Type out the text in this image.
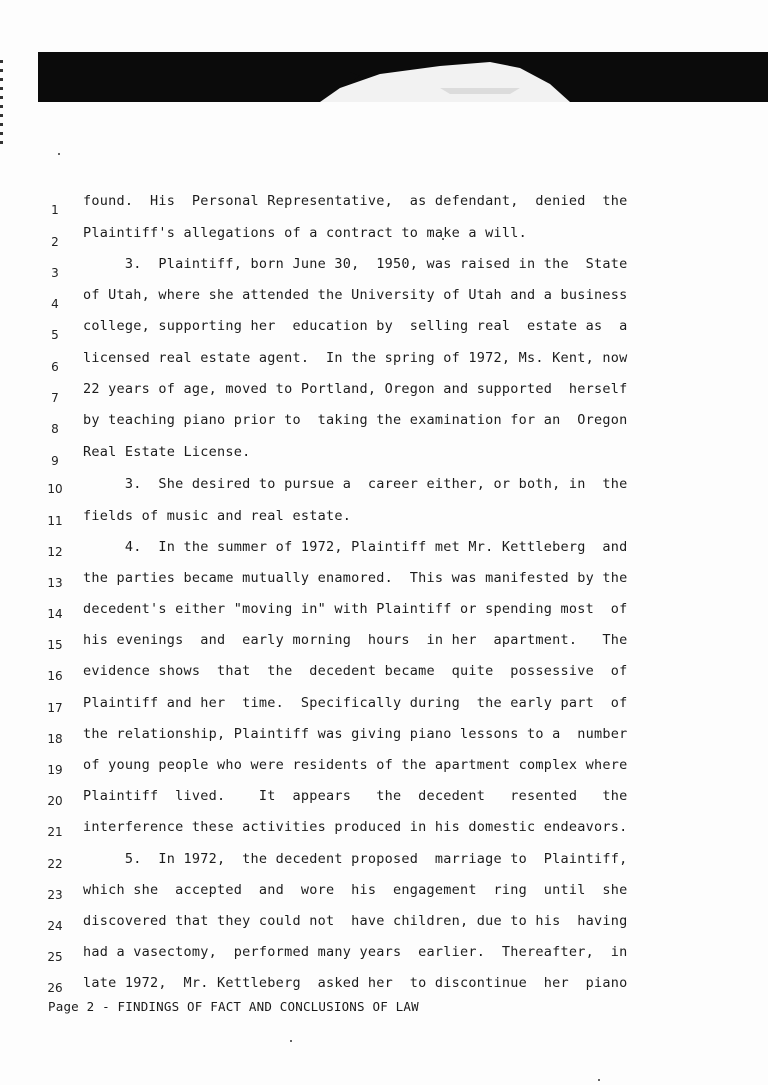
1
found.  His  Personal Representative,  as defendant,  denied  the
2
Plaintiff's allegations of a contract to make a will.
3
3.  Plaintiff, born June 30,  1950, was raised in the  State
4
of Utah, where she attended the University of Utah and a business
5
college, supporting her  education by  selling real  estate as  a
6
licensed real estate agent.  In the spring of 1972, Ms. Kent, now
7
22 years of age, moved to Portland, Oregon and supported  herself
8
by teaching piano prior to  taking the examination for an  Oregon
9
Real Estate License.
10	3.  She desired to pursue a  career either, or both, in  the
11	fields of music and real estate.
12	4.  In the summer of 1972, Plaintiff met Mr. Kettleberg  and
13	the parties became mutually enamored.  This was manifested by the
14	decedent's either "moving in" with Plaintiff or spending most  of
15	his evenings  and  early morning  hours  in her  apartment.   The
16	evidence shows  that  the  decedent became  quite  possessive  of
17	Plaintiff and her  time.  Specifically during  the early part  of
18	the relationship, Plaintiff was giving piano lessons to a  number
19	of young people who were residents of the apartment complex where
20	Plaintiff  lived.    It  appears   the  decedent   resented   the
21	interference these activities produced in his domestic endeavors.
22	5.  In 1972,  the decedent proposed  marriage to  Plaintiff,
23	which she  accepted  and  wore  his  engagement  ring  until  she
24	discovered that they could not  have children, due to his  having
25	had a vasectomy,  performed many years  earlier.  Thereafter,  in
26	late 1972,  Mr. Kettleberg  asked her  to discontinue  her  piano
Page 2 - FINDINGS OF FACT AND CONCLUSIONS OF LAW
